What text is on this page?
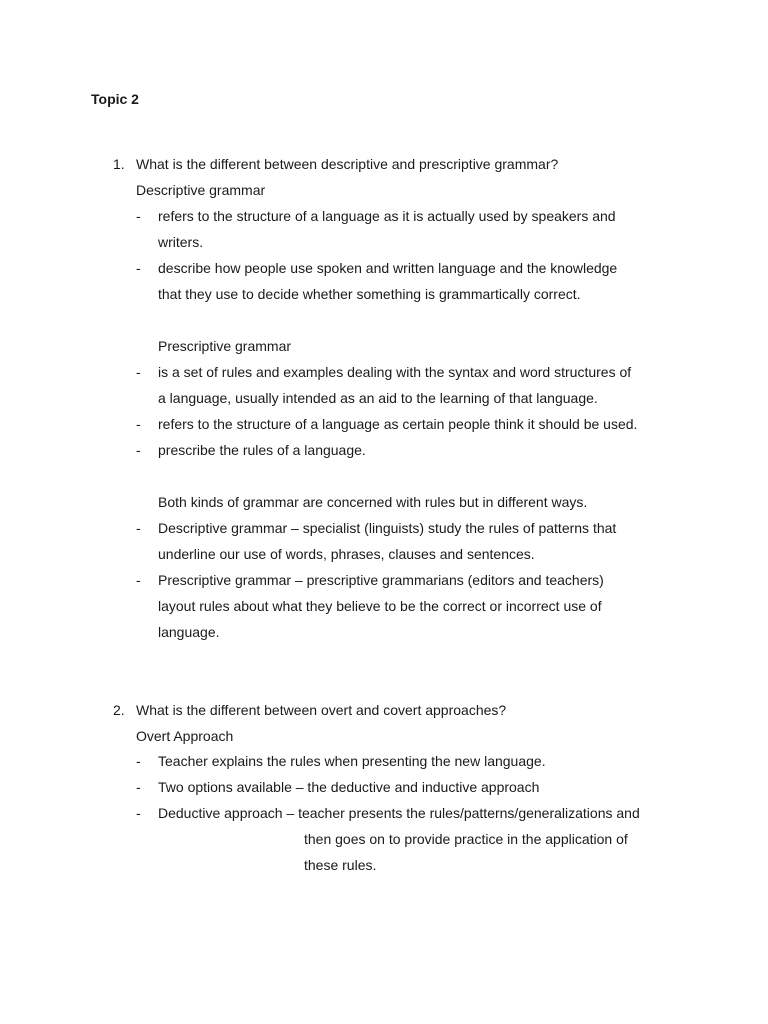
Topic 2
1. What is the different between descriptive and prescriptive grammar?
Descriptive grammar
- refers to the structure of a language as it is actually used by speakers and
writers.
- describe how people use spoken and written language and the knowledge
that they use to decide whether something is grammartically correct.
Prescriptive grammar
- is a set of rules and examples dealing with the syntax and word structures of
a language, usually intended as an aid to the learning of that language.
- refers to the structure of a language as certain people think it should be used.
- prescribe the rules of a language.
Both kinds of grammar are concerned with rules but in different ways.
- Descriptive grammar – specialist (linguists) study the rules of patterns that
underline our use of words, phrases, clauses and sentences.
- Prescriptive grammar – prescriptive grammarians (editors and teachers)
layout rules about what they believe to be the correct or incorrect use of
language.
2. What is the different between overt and covert approaches?
Overt Approach
- Teacher explains the rules when presenting the new language.
- Two options available – the deductive and inductive approach
- Deductive approach – teacher presents the rules/patterns/generalizations and
then goes on to provide practice in the application of
these rules.
